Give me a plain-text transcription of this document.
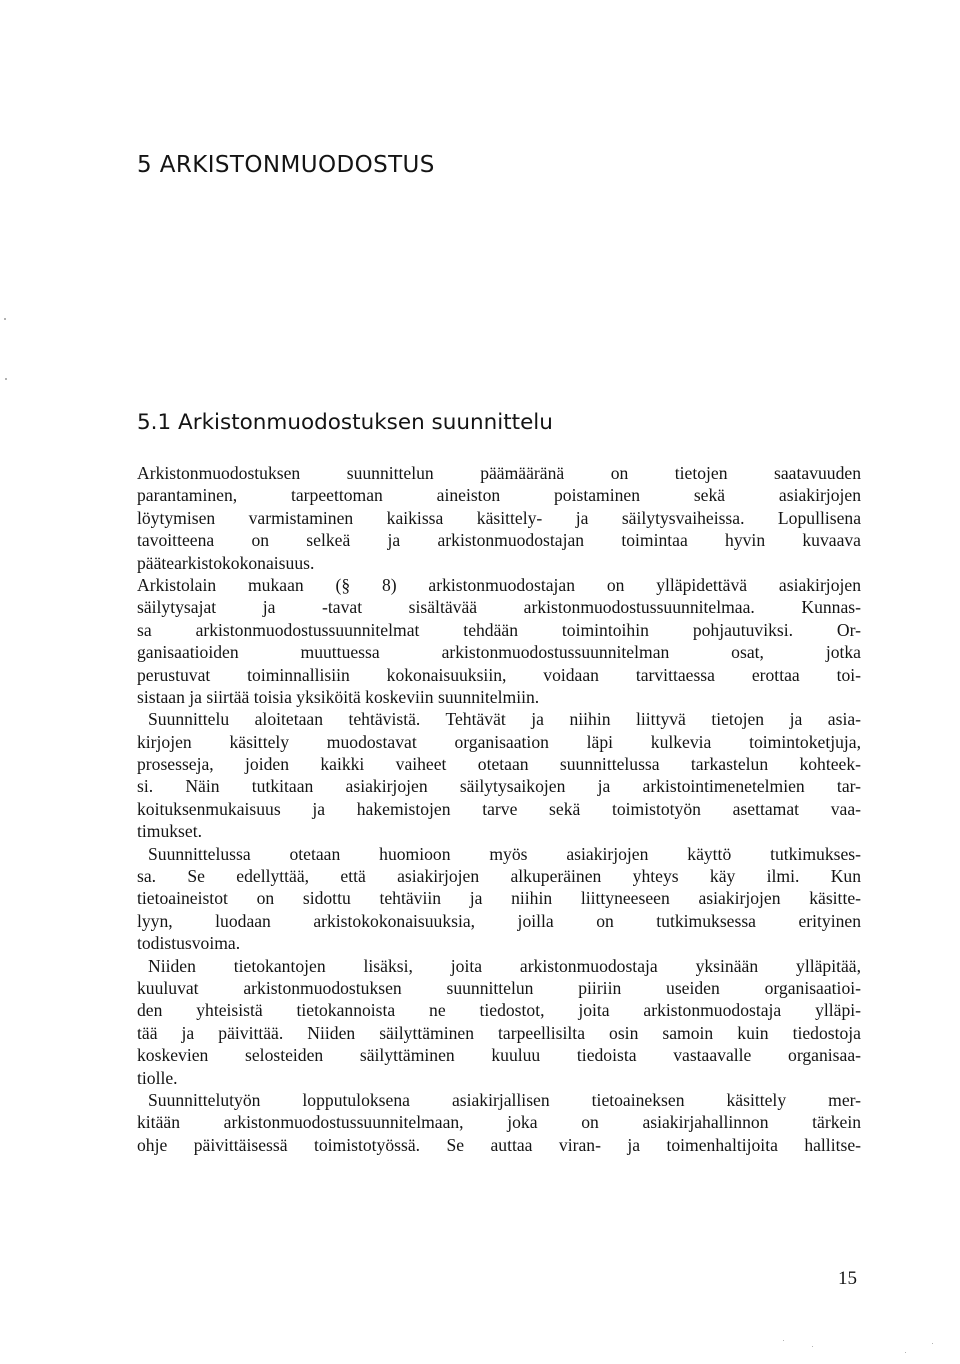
5 ARKISTONMUODOSTUS
5.1 Arkistonmuodostuksen suunnittelu

Arkistonmuodostuksen suunnittelun päämääränä on tietojen saatavuuden
parantaminen, tarpeettoman aineiston poistaminen sekä asiakirjojen
löytymisen varmistaminen kaikissa käsittely- ja säilytysvaiheissa. Lopullisena
tavoitteena on selkeä ja arkistonmuodostajan toimintaa hyvin kuvaava
päätearkistokokonaisuus.

Arkistolain mukaan (§ 8) arkistonmuodostajan on ylläpidettävä asiakirjojen
säilytysajat ja -tavat sisältävää arkistonmuodostussuunnitelmaa. Kunnas-
sa arkistonmuodostussuunnitelmat tehdään toimintoihin pohjautuviksi. Or-
ganisaatioiden muuttuessa arkistonmuodostussuunnitelman osat, jotka
perustuvat toiminnallisiin kokonaisuuksiin, voidaan tarvittaessa erottaa toi-
sistaan ja siirtää toisia yksiköitä koskeviin suunnitelmiin.

Suunnittelu aloitetaan tehtävistä. Tehtävät ja niihin liittyvä tietojen ja asia-
kirjojen käsittely muodostavat organisaation läpi kulkevia toimintoketjuja,
prosesseja, joiden kaikki vaiheet otetaan suunnittelussa tarkastelun kohteek-
si. Näin tutkitaan asiakirjojen säilytysaikojen ja arkistointimenetelmien tar-
koituksenmukaisuus ja hakemistojen tarve sekä toimistotyön asettamat vaa-
timukset.

Suunnittelussa otetaan huomioon myös asiakirjojen käyttö tutkimukses-
sa. Se edellyttää, että asiakirjojen alkuperäinen yhteys käy ilmi. Kun
tietoaineistot on sidottu tehtäviin ja niihin liittyneeseen asiakirjojen käsitte-
lyyn, luodaan arkistokokonaisuuksia, joilla on tutkimuksessa erityinen
todistusvoima.

Niiden tietokantojen lisäksi, joita arkistonmuodostaja yksinään ylläpitää,
kuuluvat arkistonmuodostuksen suunnittelun piiriin useiden organisaatioi-
den yhteisistä tietokannoista ne tiedostot, joita arkistonmuodostaja ylläpi-
tää ja päivittää. Niiden säilyttäminen tarpeellisilta osin samoin kuin tiedostoja
koskevien selosteiden säilyttäminen kuuluu tiedoista vastaavalle organisaa-
tiolle.

Suunnittelutyön lopputuloksena asiakirjallisen tietoaineksen käsittely mer-
kitään arkistonmuodostussuunnitelmaan, joka on asiakirjahallinnon tärkein
ohje päivittäisessä toimistotyössä. Se auttaa viran- ja toimenhaltijoita hallitse-

15
